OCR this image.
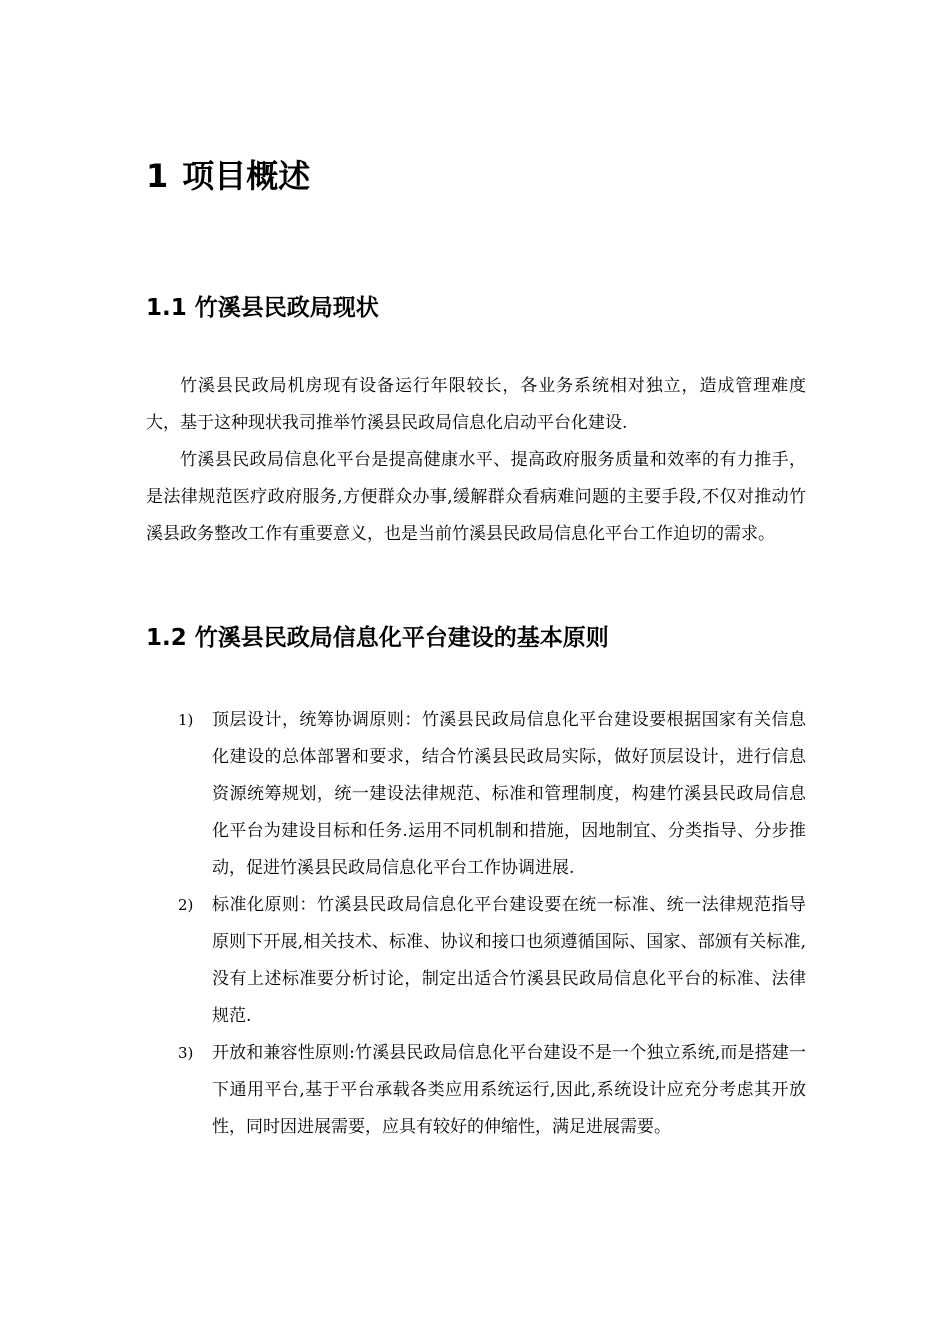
1 项目概述
1.1 竹溪县民政局现状

竹溪县民政局机房现有设备运行年限较长，各业务系统相对独立，造成管理难度大，基于这种现状我司推举竹溪县民政局信息化启动平台化建设.

竹溪县民政局信息化平台是提高健康水平、提高政府服务质量和效率的有力推手，是法律规范医疗政府服务,方便群众办事,缓解群众看病难问题的主要手段,不仅对推动竹溪县政务整改工作有重要意义，也是当前竹溪县民政局信息化平台工作迫切的需求。

1.2 竹溪县民政局信息化平台建设的基本原则
1) 顶层设计，统筹协调原则：竹溪县民政局信息化平台建设要根据国家有关信息化建设的总体部署和要求，结合竹溪县民政局实际，做好顶层设计，进行信息资源统筹规划，统一建设法律规范、标准和管理制度，构建竹溪县民政局信息化平台为建设目标和任务.运用不同机制和措施，因地制宜、分类指导、分步推动，促进竹溪县民政局信息化平台工作协调进展.
2) 标准化原则：竹溪县民政局信息化平台建设要在统一标准、统一法律规范指导原则下开展,相关技术、标准、协议和接口也须遵循国际、国家、部颁有关标准,没有上述标准要分析讨论，制定出适合竹溪县民政局信息化平台的标准、法律规范.
3) 开放和兼容性原则:竹溪县民政局信息化平台建设不是一个独立系统,而是搭建一下通用平台,基于平台承载各类应用系统运行,因此,系统设计应充分考虑其开放性，同时因进展需要，应具有较好的伸缩性，满足进展需要。
